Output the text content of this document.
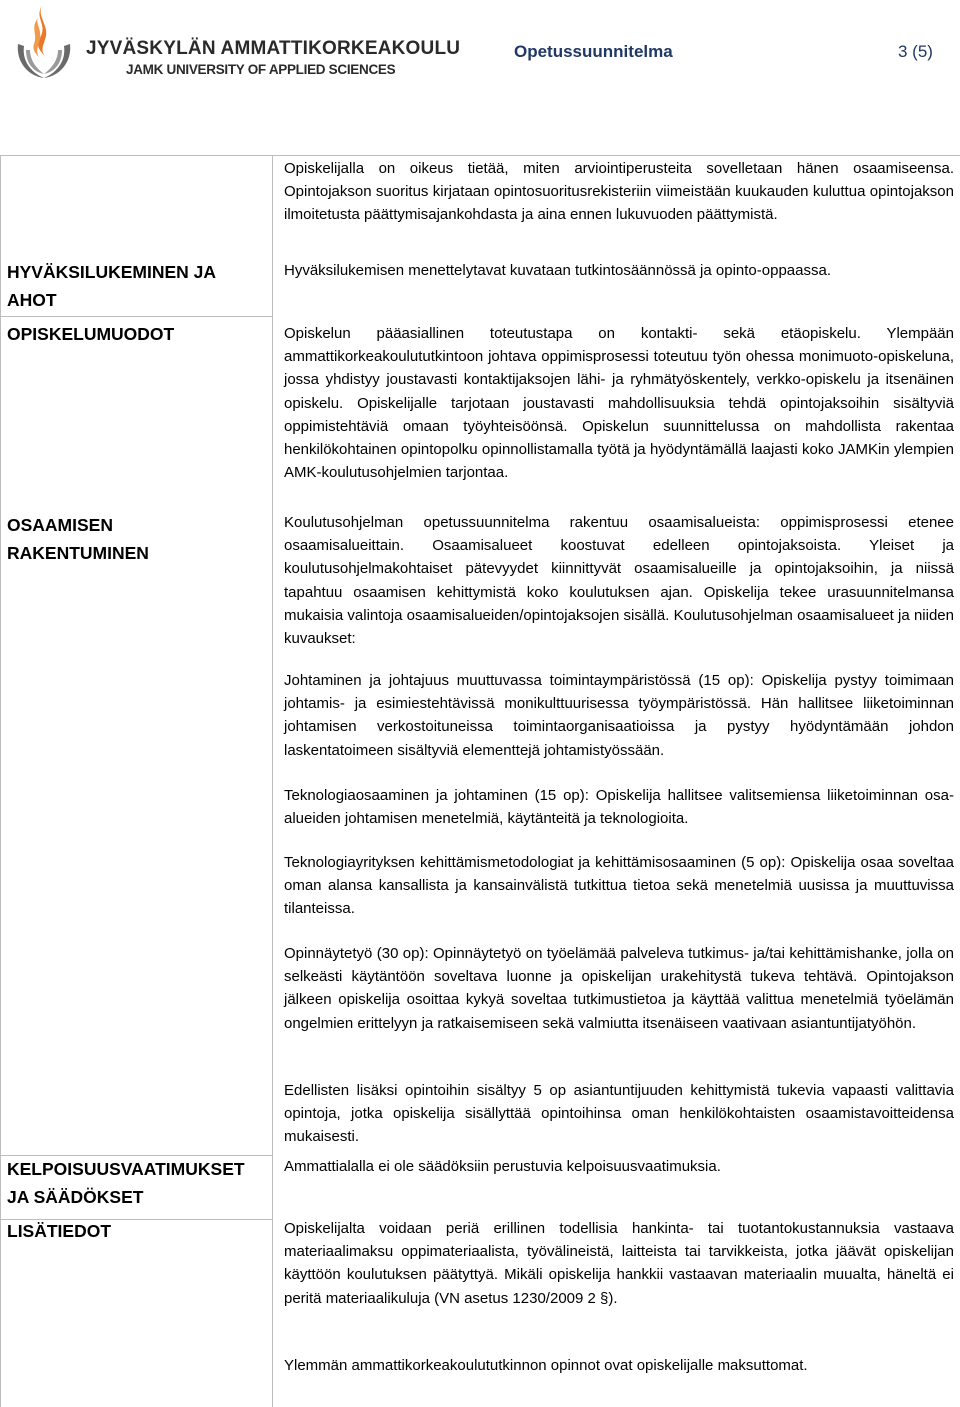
JYVÄSKYLÄN AMMATTIKORKEAKOULU
JAMK UNIVERSITY OF APPLIED SCIENCES
Opetussuunnitelma	3 (5)
HYVÄKSILUKEMINEN JA
AHOT
OPISKELUMUODOT
OSAAMISEN
RAKENTUMINEN
KELPOISUUSVAATIMUKSET
JA SÄÄDÖKSET
LISÄTIEDOT
Opiskelijalla on oikeus tietää, miten arviointiperusteita sovelletaan hänen osaamiseensa. Opintojakson suoritus kirjataan opintosuoritusrekisteriin viimeistään kuukauden kuluttua opintojakson ilmoitetusta päättymisajankohdasta ja aina ennen lukuvuoden päättymistä.
Hyväksilukemisen menettelytavat kuvataan tutkintosäännössä ja opinto-oppaassa.
Opiskelun pääasiallinen toteutustapa on kontakti- sekä etäopiskelu. Ylempään ammattikorkeakoulututkintoon johtava oppimisprosessi toteutuu työn ohessa monimuoto-opiskeluna, jossa yhdistyy joustavasti kontaktijaksojen lähi- ja ryhmätyöskentely, verkko-opiskelu ja itsenäinen opiskelu. Opiskelijalle tarjotaan joustavasti mahdollisuuksia tehdä opintojaksoihin sisältyviä oppimistehtäviä omaan työyhteisöönsä. Opiskelun suunnittelussa on mahdollista rakentaa henkilökohtainen opintopolku opinnollistamalla työtä ja hyödyntämällä laajasti koko JAMKin ylempien AMK-koulutusohjelmien tarjontaa.
Koulutusohjelman opetussuunnitelma rakentuu osaamisalueista: oppimisprosessi etenee osaamisalueittain. Osaamisalueet koostuvat edelleen opintojaksoista. Yleiset ja koulutusohjelmakohtaiset pätevyydet kiinnittyvät osaamisalueille ja opintojaksoihin, ja niissä tapahtuu osaamisen kehittymistä koko koulutuksen ajan. Opiskelija tekee urasuunnitelmansa mukaisia valintoja osaamisalueiden/opintojaksojen sisällä. Koulutusohjelman osaamisalueet ja niiden kuvaukset:
Johtaminen ja johtajuus muuttuvassa toimintaympäristössä (15 op): Opiskelija pystyy toimimaan johtamis- ja esimiestehtävissä monikulttuurisessa työympäristössä. Hän hallitsee liiketoiminnan johtamisen verkostoituneissa toimintaorganisaatioissa ja pystyy hyödyntämään johdon laskentatoimeen sisältyviä elementtejä johtamistyössään.
Teknologiaosaaminen ja johtaminen (15 op): Opiskelija hallitsee valitsemiensa liiketoiminnan osa-alueiden johtamisen menetelmiä, käytänteitä ja teknologioita.
Teknologiayrityksen kehittämismetodologiat ja kehittämisosaaminen (5 op): Opiskelija osaa soveltaa oman alansa kansallista ja kansainvälistä tutkittua tietoa sekä menetelmiä uusissa ja muuttuvissa tilanteissa.
Opinnäytetyö (30 op): Opinnäytetyö on työelämää palveleva tutkimus- ja/tai kehittämishanke, jolla on selkeästi käytäntöön soveltava luonne ja opiskelijan urakehitystä tukeva tehtävä. Opintojakson jälkeen opiskelija osoittaa kykyä soveltaa tutkimustietoa ja käyttää valittua menetelmiä työelämän ongelmien erittelyyn ja ratkaisemiseen sekä valmiutta itsenäiseen vaativaan asiantuntijatyöhön.
Edellisten lisäksi opintoihin sisältyy 5 op asiantuntijuuden kehittymistä tukevia vapaasti valittavia opintoja, jotka opiskelija sisällyttää opintoihinsa oman henkilökohtaisten osaamistavoitteidensa mukaisesti.
Ammattialalla ei ole säädöksiin perustuvia kelpoisuusvaatimuksia.
Opiskelijalta voidaan periä erillinen todellisia hankinta- tai tuotantokustannuksia vastaava materiaalimaksu oppimateriaalista, työvälineistä, laitteista tai tarvikkeista, jotka jäävät opiskelijan käyttöön koulutuksen päätyttyä. Mikäli opiskelija hankkii vastaavan materiaalin muualta, häneltä ei peritä materiaalikuluja (VN asetus 1230/2009 2 §).
Ylemmän ammattikorkeakoulututkinnon opinnot ovat opiskelijalle maksuttomat.
